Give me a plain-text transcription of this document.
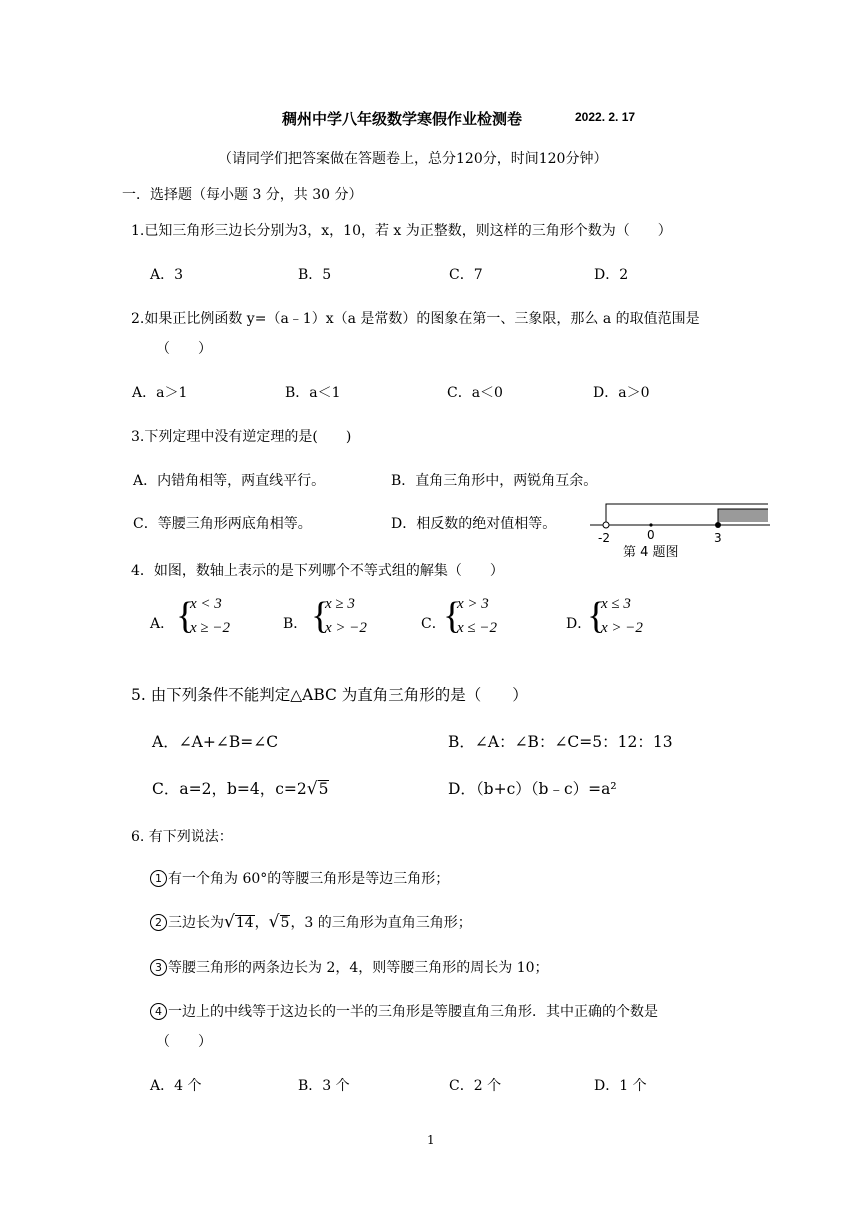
稠州中学八年级数学寒假作业检测卷	2022. 2. 17
（请同学们把答案做在答题卷上，总分120分，时间120分钟）
一．选择题（每小题 3 分，共 30 分）
1.已知三角形三边长分别为3，x，10，若 x 为正整数，则这样的三角形个数为（　　）
A．3	B．5	C．7	D．2
2.如果正比例函数 y=（a﹣1）x（a 是常数）的图象在第一、三象限，那么 a 的取值范围是
（　　）
A．a＞1	B．a＜1	C．a＜0	D．a＞0
3.下列定理中没有逆定理的是(　　)
A．内错角相等，两直线平行。	B．直角三角形中，两锐角互余。
C．等腰三角形两底角相等。	D．相反数的绝对值相等。
-2	0	3
第 4 题图
4．如图，数轴上表示的是下列哪个不等式组的解集（　　）
A． {
x < 3
x ≥ −2	B． {
x ≥ 3
x > −2	C．
{
x > 3
x ≤ −2	D．
{
x ≤ 3
x > −2
5. 由下列条件不能判定△ABC 为直角三角形的是（　　）
A．∠A+∠B=∠C	B．∠A：∠B：∠C=5：12：13
C．a=2，b=4，c=2√5	D．（b+c）（b﹣c）=a²
6. 有下列说法：
1 有一个角为 60°的等腰三角形是等边三角形；
2 三边长为√14，√5，3 的三角形为直角三角形；
3 等腰三角形的两条边长为 2，4，则等腰三角形的周长为 10；
4 一边上的中线等于这边长的一半的三角形是等腰直角三角形．其中正确的个数是
（　　）
A．4 个	B．3 个	C．2 个	D．1 个
1
